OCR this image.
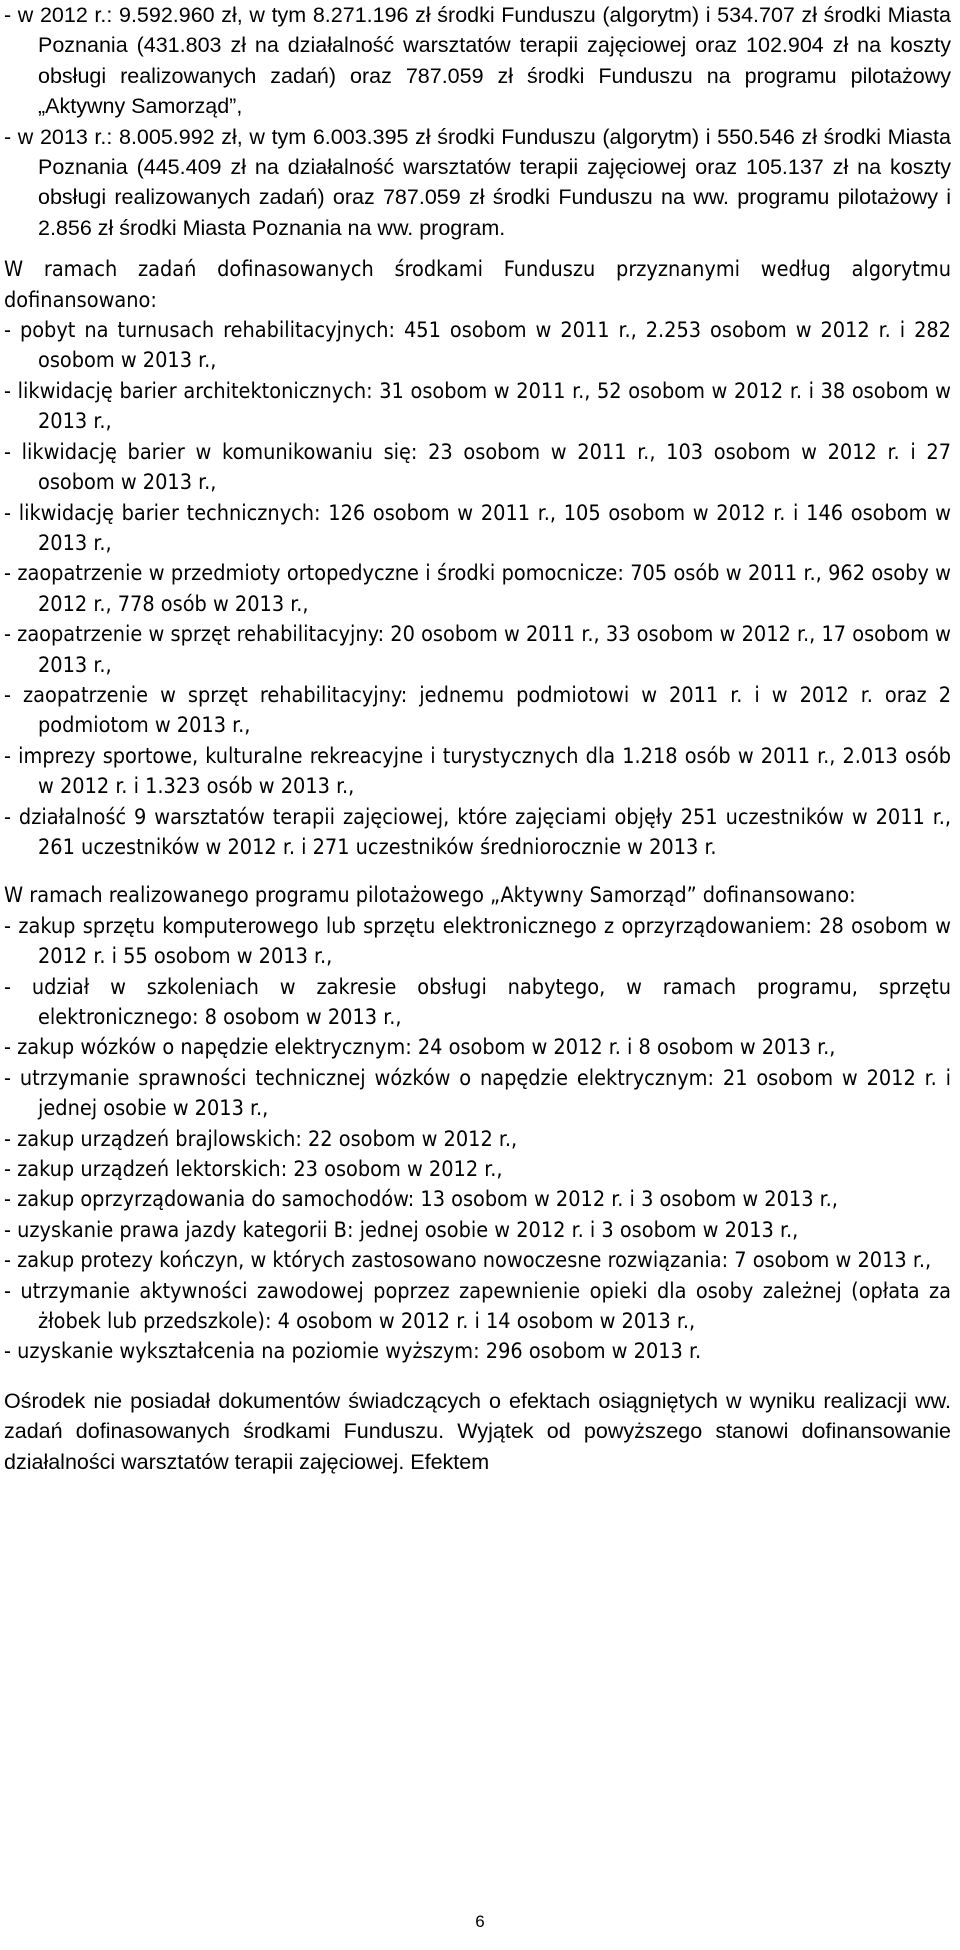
- w 2012 r.: 9.592.960 zł, w tym 8.271.196 zł środki Funduszu (algorytm) i 534.707 zł środki Miasta Poznania (431.803 zł na działalność warsztatów terapii zajęciowej oraz 102.904 zł na koszty obsługi realizowanych zadań) oraz 787.059 zł środki Funduszu na programu pilotażowy „Aktywny Samorząd”,

- w 2013 r.: 8.005.992 zł, w tym 6.003.395 zł środki Funduszu (algorytm) i 550.546 zł środki Miasta Poznania (445.409 zł na działalność warsztatów terapii zajęciowej oraz 105.137 zł na koszty obsługi realizowanych zadań) oraz 787.059 zł środki Funduszu na ww. programu pilotażowy i 2.856 zł środki Miasta Poznania na ww. program.

W ramach zadań dofinasowanych środkami Funduszu przyznanymi według algorytmu dofinansowano:

- pobyt na turnusach rehabilitacyjnych: 451 osobom w 2011 r., 2.253 osobom w 2012 r. i 282 osobom w 2013 r.,

- likwidację barier architektonicznych: 31 osobom w 2011 r., 52 osobom w 2012 r. i 38 osobom w 2013 r.,

- likwidację barier w komunikowaniu się: 23 osobom w 2011 r., 103 osobom w 2012 r. i 27 osobom w 2013 r.,

- likwidację barier technicznych: 126 osobom w 2011 r., 105 osobom w 2012 r. i 146 osobom w 2013 r.,

- zaopatrzenie w przedmioty ortopedyczne i środki pomocnicze: 705 osób w 2011 r., 962 osoby w 2012 r., 778 osób w 2013 r.,

- zaopatrzenie w sprzęt rehabilitacyjny: 20 osobom w 2011 r., 33 osobom w 2012 r., 17 osobom w 2013 r.,

- zaopatrzenie w sprzęt rehabilitacyjny: jednemu podmiotowi w 2011 r. i w 2012 r. oraz 2 podmiotom w 2013 r.,

- imprezy sportowe, kulturalne rekreacyjne i turystycznych dla 1.218 osób w 2011 r., 2.013 osób w 2012 r. i 1.323 osób w 2013 r.,

- działalność 9 warsztatów terapii zajęciowej, które zajęciami objęły 251 uczestników w 2011 r., 261 uczestników w 2012 r. i 271 uczestników średniorocznie w 2013 r.

W ramach realizowanego programu pilotażowego „Aktywny Samorząd” dofinansowano:

- zakup sprzętu komputerowego lub sprzętu elektronicznego z oprzyrządowaniem: 28 osobom w 2012 r. i 55 osobom w 2013 r.,

- udział w szkoleniach w zakresie obsługi nabytego, w ramach programu, sprzętu elektronicznego: 8 osobom w 2013 r.,

- zakup wózków o napędzie elektrycznym: 24 osobom w 2012 r. i 8 osobom w 2013 r.,

- utrzymanie sprawności technicznej wózków o napędzie elektrycznym: 21 osobom w 2012 r. i jednej osobie w 2013 r.,

- zakup urządzeń brajlowskich: 22 osobom w 2012 r.,

- zakup urządzeń lektorskich: 23 osobom w 2012 r.,

- zakup oprzyrządowania do samochodów: 13 osobom w 2012 r. i 3 osobom w 2013 r.,

- uzyskanie prawa jazdy kategorii B: jednej osobie w 2012 r. i 3 osobom w 2013 r.,

- zakup protezy kończyn, w których zastosowano nowoczesne rozwiązania: 7 osobom w 2013 r.,

- utrzymanie aktywności zawodowej poprzez zapewnienie opieki dla osoby zależnej (opłata za żłobek lub przedszkole): 4 osobom w 2012 r. i 14 osobom w 2013 r.,

- uzyskanie wykształcenia na poziomie wyższym: 296 osobom w 2013 r.

Ośrodek nie posiadał dokumentów świadczących o efektach osiągniętych w wyniku realizacji ww. zadań dofinasowanych środkami Funduszu. Wyjątek od powyższego stanowi dofinansowanie działalności warsztatów terapii zajęciowej. Efektem

6
